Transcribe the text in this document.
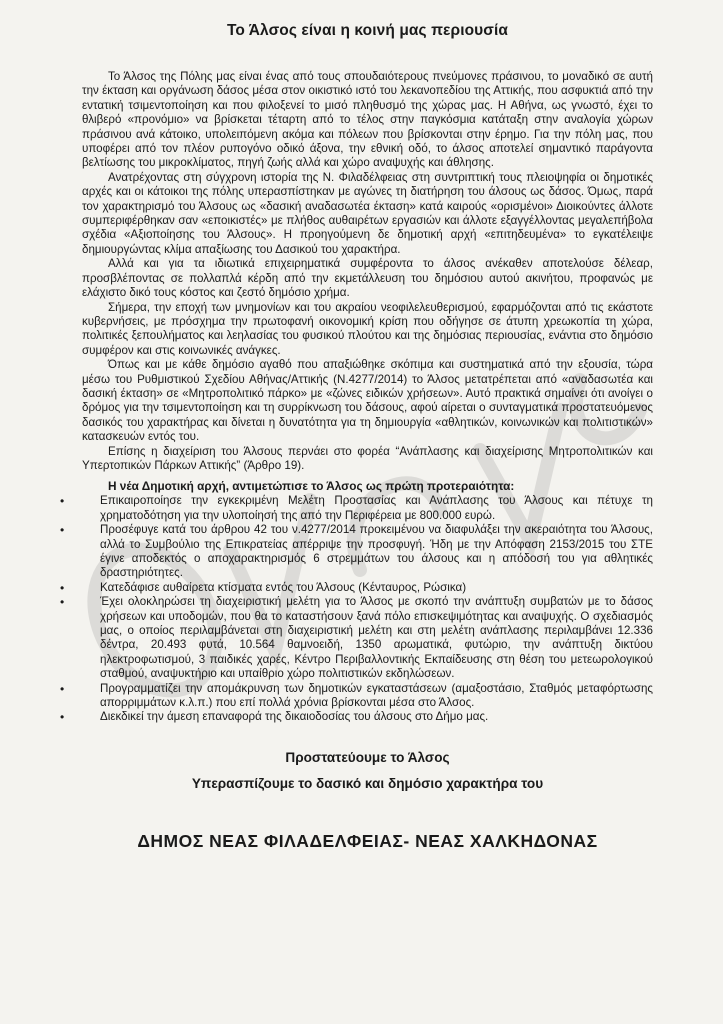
Το Άλσος είναι η κοινή μας περιουσία

Το Άλσος της Πόλης μας είναι ένας από τους σπουδαιότερους πνεύμονες πράσινου, το μοναδικό σε αυτή την έκταση και οργάνωση δάσος μέσα στον οικιστικό ιστό του λεκανοπεδίου της Αττικής, που ασφυκτιά από την εντατική τσιμεντοποίηση και που φιλοξενεί το μισό πληθυσμό της χώρας μας. Η Αθήνα, ως γνωστό, έχει το θλιβερό «προνόμιο» να βρίσκεται τέταρτη από το τέλος στην παγκόσμια κατάταξη στην αναλογία χώρων πράσινου ανά κάτοικο, υπολειπόμενη ακόμα και πόλεων που βρίσκονται στην έρημο. Για την πόλη μας, που υποφέρει από τον πλέον ρυπογόνο οδικό άξονα, την εθνική οδό, το άλσος αποτελεί σημαντικό παράγοντα βελτίωσης του μικροκλίματος, πηγή ζωής αλλά και χώρο αναψυχής και άθλησης.

Ανατρέχοντας στη σύγχρονη ιστορία της Ν. Φιλαδέλφειας στη συντριπτική τους πλειοψηφία οι δημοτικές αρχές και οι κάτοικοι της πόλης υπερασπίστηκαν με αγώνες τη διατήρηση του άλσους ως δάσος. Όμως, παρά τον χαρακτηρισμό του Άλσους ως «δασική αναδασωτέα έκταση» κατά καιρούς «ορισμένοι» Διοικούντες άλλοτε συμπεριφέρθηκαν σαν «εποικιστές» με πλήθος αυθαιρέτων εργασιών και άλλοτε εξαγγέλλοντας μεγαλεπήβολα σχέδια «Αξιοποίησης του Άλσους». Η προηγούμενη δε δημοτική αρχή «επιτηδευμένα» το εγκατέλειψε δημιουργώντας κλίμα απαξίωσης του Δασικού του χαρακτήρα.

Αλλά και για τα ιδιωτικά επιχειρηματικά συμφέροντα το άλσος ανέκαθεν αποτελούσε δέλεαρ, προσβλέποντας σε πολλαπλά κέρδη από την εκμετάλλευση του δημόσιου αυτού ακινήτου, προφανώς με ελάχιστο δικό τους κόστος και ζεστό δημόσιο χρήμα.

Σήμερα, την εποχή των μνημονίων και του ακραίου νεοφιλελευθερισμού, εφαρμόζονται από τις εκάστοτε κυβερνήσεις, με πρόσχημα την πρωτοφανή οικονομική κρίση που οδήγησε σε άτυπη χρεωκοπία τη χώρα, πολιτικές ξεπουλήματος και λεηλασίας του φυσικού πλούτου και της δημόσιας περιουσίας, ενάντια στο δημόσιο συμφέρον και στις κοινωνικές ανάγκες.

Όπως και με κάθε δημόσιο αγαθό που απαξιώθηκε σκόπιμα και συστηματικά από την εξουσία, τώρα μέσω του Ρυθμιστικού Σχεδίου Αθήνας/Αττικής (Ν.4277/2014) το Άλσος μετατρέπεται από «αναδασωτέα και δασική έκταση» σε «Μητροπολιτικό πάρκο» με «ζώνες ειδικών χρήσεων». Αυτό πρακτικά σημαίνει ότι ανοίγει ο δρόμος για την τσιμεντοποίηση και τη συρρίκνωση του δάσους, αφού αίρεται ο συνταγματικά προστατευόμενος δασικός του χαρακτήρας και δίνεται η δυνατότητα για τη δημιουργία «αθλητικών, κοινωνικών και πολιτιστικών» κατασκευών εντός του.

Επίσης η διαχείριση του Άλσους περνάει στο φορέα “Ανάπλασης και διαχείρισης Μητροπολιτικών και Υπερτοπικών Πάρκων Αττικής” (Άρθρο 19).

Η νέα Δημοτική αρχή, αντιμετώπισε το Άλσος ως πρώτη προτεραιότητα:
•	Επικαιροποίησε την εγκεκριμένη Μελέτη Προστασίας και Ανάπλασης του Άλσους και πέτυχε τη χρηματοδότηση για την υλοποίησή της από την Περιφέρεια με 800.000 ευρώ.
•	Προσέφυγε κατά του άρθρου 42 του ν.4277/2014 προκειμένου να διαφυλάξει την ακεραιότητα του Άλσους, αλλά το Συμβούλιο της Επικρατείας απέρριψε την προσφυγή. Ήδη με την Απόφαση 2153/2015 του ΣΤΕ έγινε αποδεκτός ο αποχαρακτηρισμός 6 στρεμμάτων του άλσους και η απόδοσή του για αθλητικές δραστηριότητες.
•	Κατεδάφισε αυθαίρετα κτίσματα εντός του Άλσους (Κένταυρος, Ρώσικα)
•	Έχει ολοκληρώσει τη διαχειριστική μελέτη για το Άλσος με σκοπό την ανάπτυξη συμβατών με το δάσος χρήσεων και υποδομών, που θα το καταστήσουν ξανά πόλο επισκεψιμότητας και αναψυχής. Ο σχεδιασμός μας, ο οποίος περιλαμβάνεται στη διαχειριστική μελέτη και στη μελέτη ανάπλασης περιλαμβάνει 12.336 δέντρα, 20.493 φυτά, 10.564 θαμνοειδή, 1350 αρωματικά, φυτώριο, την ανάπτυξη δικτύου ηλεκτροφωτισμού, 3 παιδικές χαρές, Κέντρο Περιβαλλοντικής Εκπαίδευσης στη θέση του μετεωρολογικού σταθμού, αναψυκτήριο και υπαίθριο χώρο πολιτιστικών εκδηλώσεων.
•	Προγραμματίζει την απομάκρυνση των δημοτικών εγκαταστάσεων (αμαξοστάσιο, Σταθμός μεταφόρτωσης απορριμμάτων κ.λ.π.) που επί πολλά χρόνια βρίσκονται μέσα στο Άλσος.
•	Διεκδικεί την άμεση επαναφορά της δικαιοδοσίας του άλσους στο Δήμο μας.

Προστατεύουμε το Άλσος

Υπερασπίζουμε το δασικό και δημόσιο χαρακτήρα του

ΔΗΜΟΣ ΝΕΑΣ ΦΙΛΑΔΕΛΦΕΙΑΣ- ΝΕΑΣ ΧΑΛΚΗΔΟΝΑΣ
